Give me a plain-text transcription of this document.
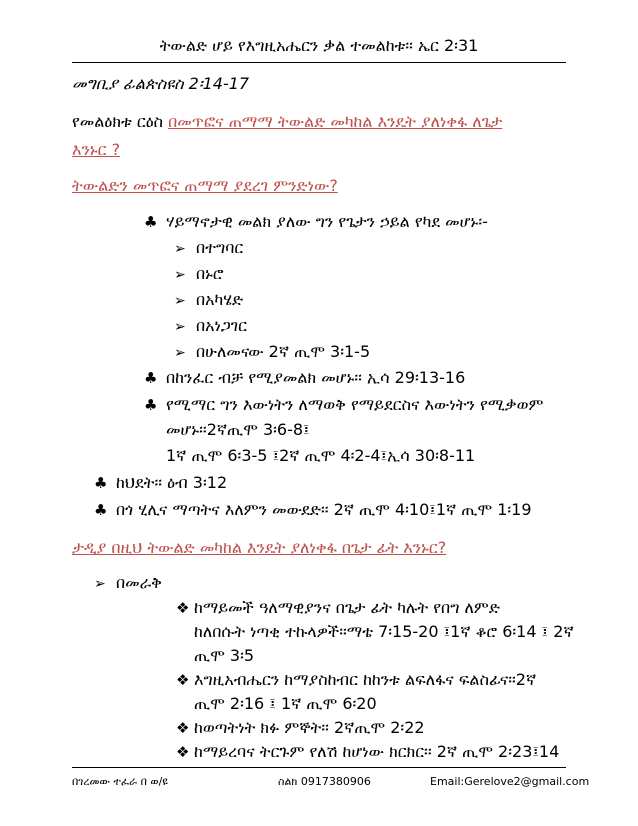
ትውልድ ሆይ የእግዚአሔርን ቃል ተመልከቱ፡፡ ኤር 2፡31
መግቢያ ፊልጵስዩስ 2፡14-17
የመልዕክቱ ርዕስ በመጥፎና ጠማማ ትውልድ መካከል እንዴት ያለነቀፋ ለጌታ
እንኑር ?
ትውልድን መጥፎና ጠማማ ያደረገ ምንድነው?
♣ ሃይማኖታዊ መልክ ያለው ግን የጌታን ኃይል የካደ መሆኑ፡-
➢ በተግባር
➢ በኑሮ
➢ በአካሄድ
➢ በአነጋገር
➢ በሁለመናው 2ኛ ጢሞ 3፡1-5
♣ በከንፈር ብቻ የሚያመልክ መሆኑ፡፡ ኢሳ 29፡13-16
♣ የሚማር ግን እውነትን ለማወቅ የማይደርስና እውነትን የሚቃወም
መሆኑ፡፡2ኛጢሞ 3፡6-8፤
1ኛ ጢሞ 6፡3-5 ፤2ኛ ጢሞ 4፡2-4፤ኢሳ 30፡8-11
♣ ከህደት፡፡ ዕብ 3፡12
♣ በጎ ሂሊና ማጣትና እለምን መውደድ፡፡ 2ኛ ጢሞ 4፡10፤1ኛ ጢሞ 1፡19
ታዲያ በዚህ ትውልድ መካከል እንዴት ያለነቀፋ በጌታ ፊት እንኑር?
➢ በመራቅ
❖ ከማይመች ዓለማዊያንና በጌታ ፊት ካሉት የበግ ለምድ
ከለበሱት ነጣቂ ተኩላዎች፡፡ማቴ 7፡15-20 ፤1ኛ ቆሮ 6፡14 ፤ 2ኛ
ጢሞ 3፡5
❖ እግዚአብሔርን ከማያስከብር ከከንቱ ልፍለፋና ፍልስፊና፡፡2ኛ
ጢሞ 2፡16 ፤ 1ኛ ጢሞ 6፡20
❖ ከወጣትነት ክፉ ምኞት፡፡ 2ኛጢሞ 2፡22
በገረመው ተፈራ በ ወ/ዩ	ስልክ 0917380906	Email:Gerelove2@gmail.com
❖ ከማይረባና ትርጉም የለሽ ከሆነው ክርክር፡፡ 2ኛ ጢሞ 2፡23፤14
